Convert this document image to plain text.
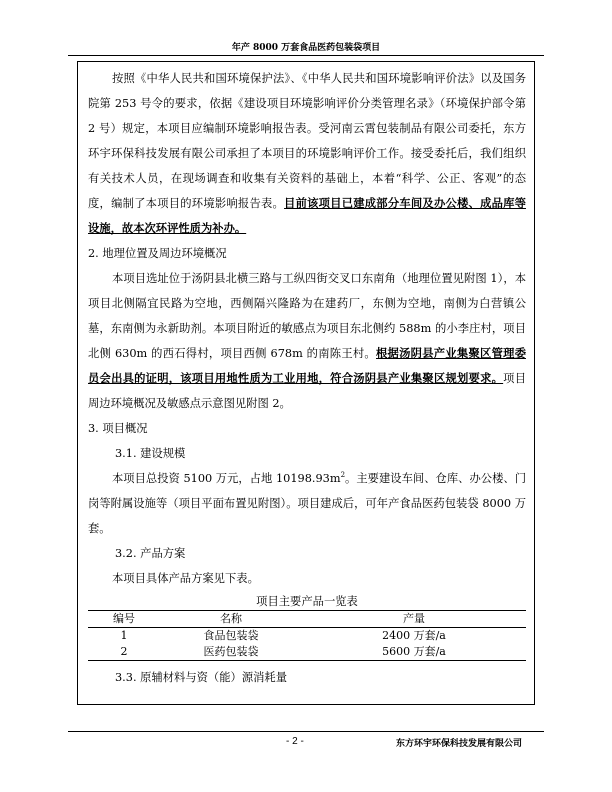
年产 8000 万套食品医药包装袋项目

按照《中华人民共和国环境保护法》、《中华人民共和国环境影响评价法》以及国务院第 253 号令的要求，依据《建设项目环境影响评价分类管理名录》（环境保护部令第 2 号）规定，本项目应编制环境影响报告表。受河南云霄包装制品有限公司委托，东方环宇环保科技发展有限公司承担了本项目的环境影响评价工作。接受委托后，我们组织有关技术人员，在现场调查和收集有关资料的基础上，本着“科学、公正、客观”的态度，编制了本项目的环境影响报告表。目前该项目已建成部分车间及办公楼、成品库等设施，故本次环评性质为补办。

2. 地理位置及周边环境概况

本项目选址位于汤阴县北横三路与工纵四街交叉口东南角（地理位置见附图 1），本项目北侧隔宜民路为空地，西侧隔兴隆路为在建药厂，东侧为空地，南侧为白营镇公墓，东南侧为永新助剂。本项目附近的敏感点为项目东北侧约 588m 的小李庄村，项目北侧 630m 的西石得村，项目西侧 678m 的南陈王村。根据汤阴县产业集聚区管理委员会出具的证明，该项目用地性质为工业用地，符合汤阴县产业集聚区规划要求。项目周边环境概况及敏感点示意图见附图 2。

3. 项目概况

3.1. 建设规模

本项目总投资 5100 万元，占地 $10198.93m^2$。主要建设车间、仓库、办公楼、门岗等附属设施等（项目平面布置见附图）。项目建成后，可年产食品医药包装袋 8000 万套。

3.2. 产品方案

本项目具体产品方案见下表。

项目主要产品一览表

编号	名称	产量
1	食品包装袋	2400 万套/a
2	医药包装袋	5600 万套/a

3.3. 原辅材料与资（能）源消耗量

- 2 -	东方环宇环保科技发展有限公司
